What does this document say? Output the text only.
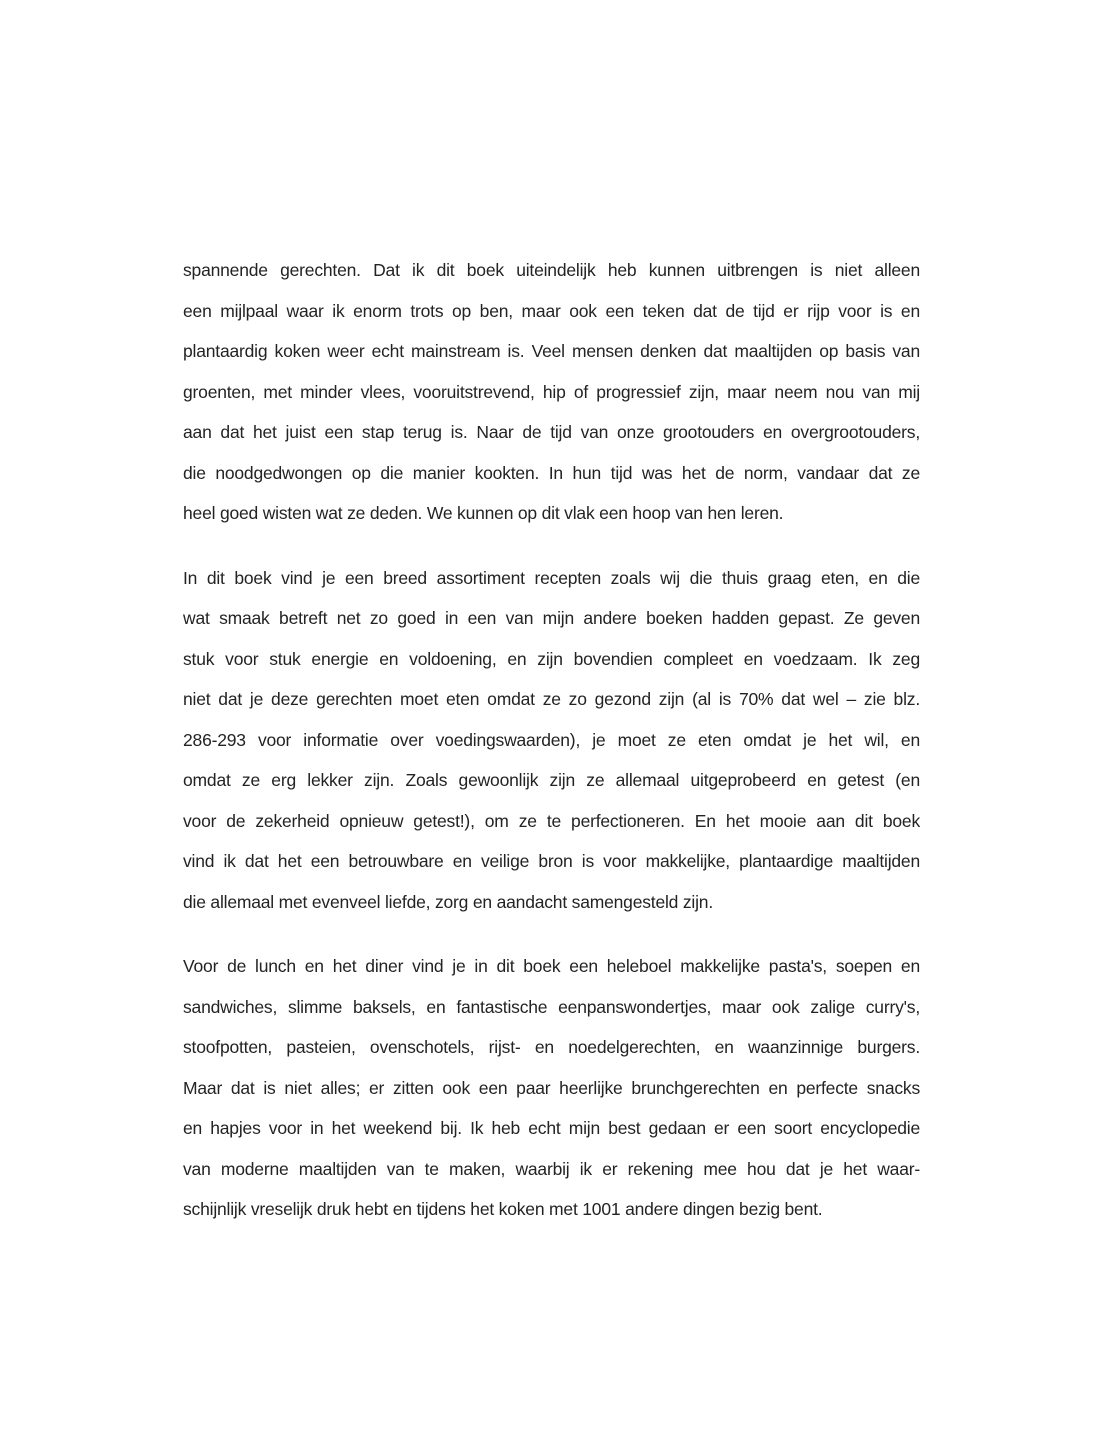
spannende gerechten. Dat ik dit boek uiteindelijk heb kunnen uitbrengen is niet alleen
een mijlpaal waar ik enorm trots op ben, maar ook een teken dat de tijd er rijp voor is en
plantaardig koken weer echt mainstream is. Veel mensen denken dat maaltijden op basis van
groenten, met minder vlees, vooruitstrevend, hip of progressief zijn, maar neem nou van mij
aan dat het juist een stap terug is. Naar de tijd van onze grootouders en overgrootouders,
die noodgedwongen op die manier kookten. In hun tijd was het de norm, vandaar dat ze
heel goed wisten wat ze deden. We kunnen op dit vlak een hoop van hen leren.
In dit boek vind je een breed assortiment recepten zoals wij die thuis graag eten, en die
wat smaak betreft net zo goed in een van mijn andere boeken hadden gepast. Ze geven
stuk voor stuk energie en voldoening, en zijn bovendien compleet en voedzaam. Ik zeg
niet dat je deze gerechten moet eten omdat ze zo gezond zijn (al is 70% dat wel – zie blz.
286-293 voor informatie over voedingswaarden), je moet ze eten omdat je het wil, en
omdat ze erg lekker zijn. Zoals gewoonlijk zijn ze allemaal uitgeprobeerd en getest (en
voor de zekerheid opnieuw getest!), om ze te perfectioneren. En het mooie aan dit boek
vind ik dat het een betrouwbare en veilige bron is voor makkelijke, plantaardige maaltijden
die allemaal met evenveel liefde, zorg en aandacht samengesteld zijn.
Voor de lunch en het diner vind je in dit boek een heleboel makkelijke pasta's, soepen en
sandwiches, slimme baksels, en fantastische eenpanswondertjes, maar ook zalige curry's,
stoofpotten, pasteien, ovenschotels, rijst- en noedelgerechten, en waanzinnige burgers.
Maar dat is niet alles; er zitten ook een paar heerlijke brunchgerechten en perfecte snacks
en hapjes voor in het weekend bij. Ik heb echt mijn best gedaan er een soort encyclopedie
van moderne maaltijden van te maken, waarbij ik er rekening mee hou dat je het waar-
schijnlijk vreselijk druk hebt en tijdens het koken met 1001 andere dingen bezig bent.
